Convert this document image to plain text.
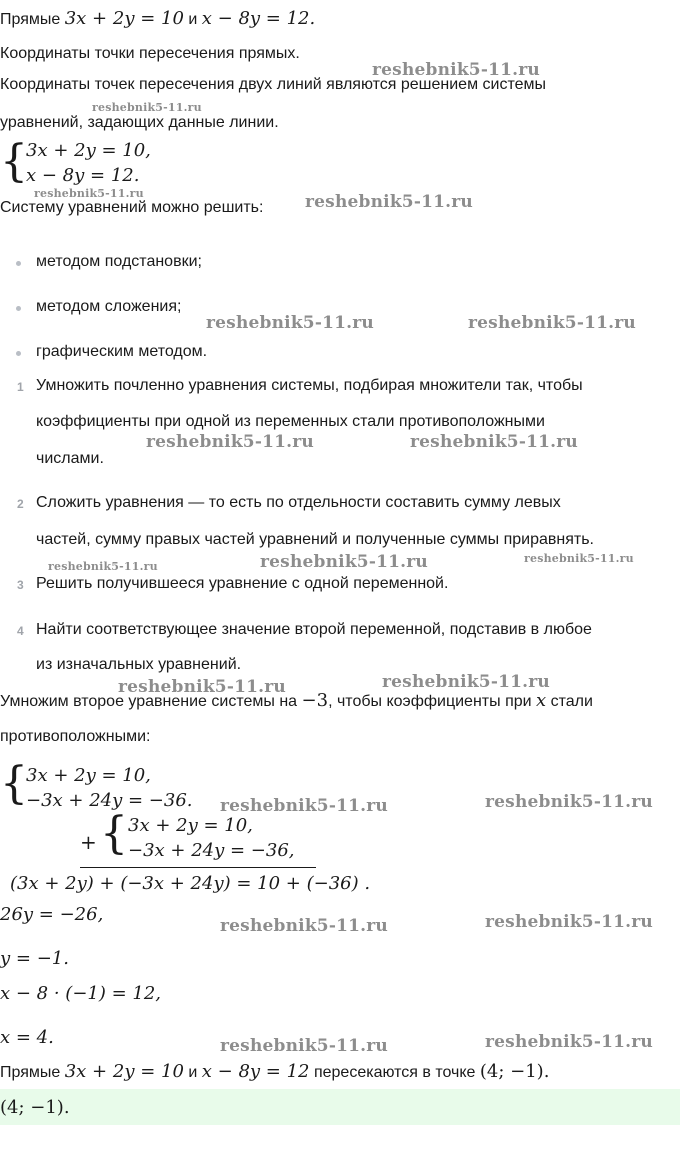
Прямые 3x + 2y = 10 и x − 8y = 12.
Координаты точки пересечения прямых.
Координаты точек пересечения двух линий являются решением системы
уравнений, задающих данные линии.
{
3x + 2y = 10,
x − 8y = 12.
Систему уравнений можно решить:
методом подстановки;
методом сложения;
графическим методом.
1 Умножить почленно уравнения системы, подбирая множители так, чтобы
коэффициенты при одной из переменных стали противоположными
числами.
2 Сложить уравнения — то есть по отдельности составить сумму левых
частей, сумму правых частей уравнений и полученные суммы приравнять.
3 Решить получившееся уравнение с одной переменной.
4 Найти соответствующее значение второй переменной, подставив в любое
из изначальных уравнений.
Умножим второе уравнение системы на −3, чтобы коэффициенты при x стали
противоположными:
{
3x + 2y = 10,
−3x + 24y = −36.
+ { 3x + 2y = 10,
−3x + 24y = −36,
(3x + 2y) + (−3x + 24y) = 10 + (−36) .
26y = −26,
y = −1.
x − 8 · (−1) = 12,
x = 4.
Прямые 3x + 2y = 10 и x − 8y = 12 пересекаются в точке (4; −1).
(4; −1).
reshebnik5-11.ru
reshebnik5-11.ru
reshebnik5-11.ru	reshebnik5-11.ru
reshebnik5-11.ru	reshebnik5-11.ru
reshebnik5-11.ru	reshebnik5-11.ru
reshebnik5-11.ru	reshebnik5-11.ru	reshebnik5-11.ru
reshebnik5-11.ru	reshebnik5-11.ru
reshebnik5-11.ru	reshebnik5-11.ru
reshebnik5-11.ru	reshebnik5-11.ru
reshebnik5-11.ru	reshebnik5-11.ru
